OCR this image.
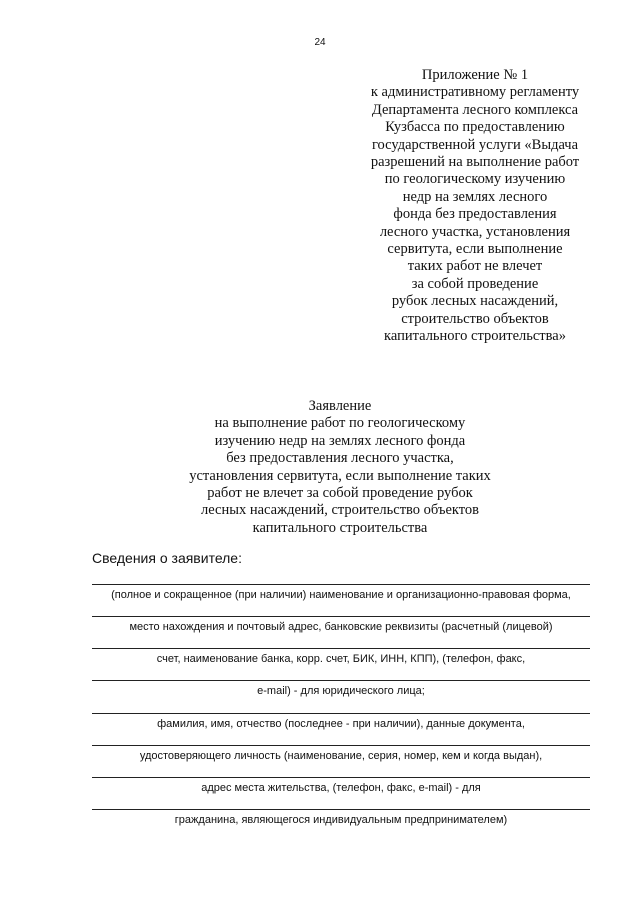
24
Приложение № 1
к административному регламенту
Департамента лесного комплекса
Кузбасса по предоставлению
государственной услуги «Выдача
разрешений на выполнение работ
по геологическому изучению
недр на землях лесного
фонда без предоставления
лесного участка, установления
сервитута, если выполнение
таких работ не влечет
за собой проведение
рубок лесных насаждений,
строительство объектов
капитального строительства»
Заявление
на выполнение работ по геологическому
изучению недр на землях лесного фонда
без предоставления лесного участка,
установления сервитута, если выполнение таких
работ не влечет за собой проведение рубок
лесных насаждений, строительство объектов
капитального строительства
Сведения о заявителе:
(полное и сокращенное (при наличии) наименование и организационно-правовая форма,
место нахождения и почтовый адрес, банковские реквизиты (расчетный (лицевой)
счет, наименование банка, корр. счет, БИК, ИНН, КПП), (телефон, факс,
e-mail) - для юридического лица;
фамилия, имя, отчество (последнее - при наличии), данные документа,
удостоверяющего личность (наименование, серия, номер, кем и когда выдан),
адрес места жительства, (телефон, факс, e-mail) - для
гражданина, являющегося индивидуальным предпринимателем)
